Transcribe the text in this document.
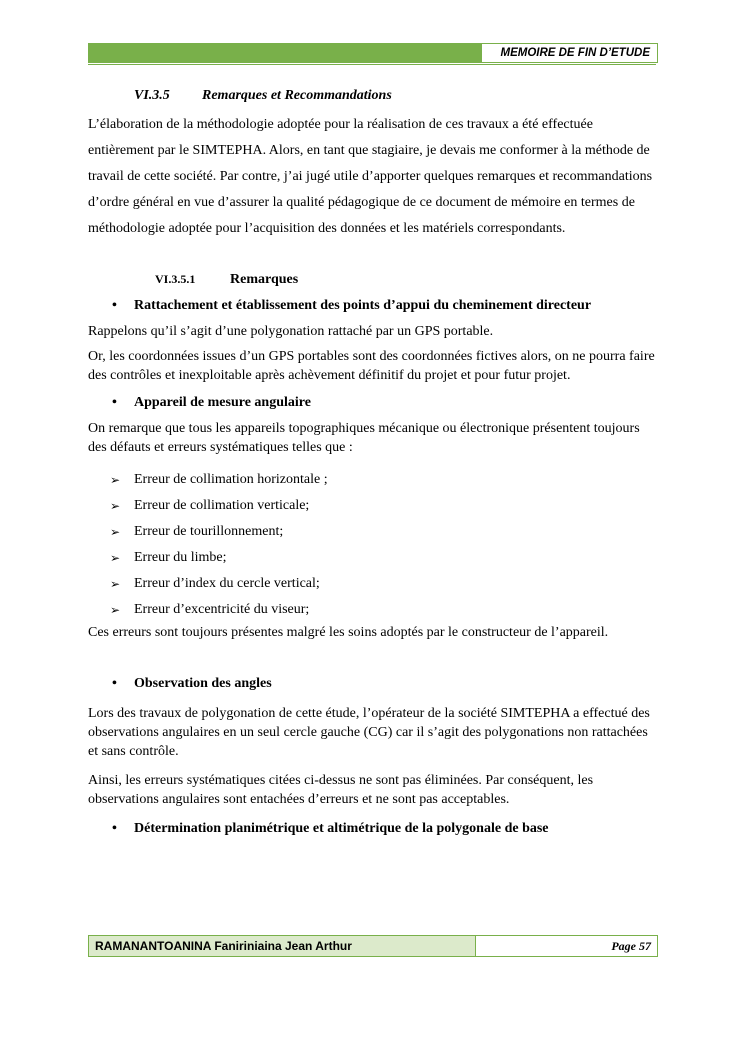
MEMOIRE DE FIN D’ETUDE
VI.3.5 Remarques et Recommandations

L’élaboration de la méthodologie adoptée pour la réalisation de ces travaux a été effectuée entièrement par le SIMTEPHA. Alors, en tant que stagiaire, je devais me conformer à la méthode de travail de cette société. Par contre, j’ai jugé utile d’apporter quelques remarques et recommandations d’ordre général en vue d’assurer la qualité pédagogique de ce document de mémoire en termes de méthodologie adoptée pour l’acquisition des données et les matériels correspondants.

VI.3.5.1 Remarques
• Rattachement et établissement des points d’appui du cheminement directeur

Rappelons qu’il s’agit d’une polygonation rattaché par un GPS portable.

Or, les coordonnées issues d’un GPS portables sont des coordonnées fictives alors, on ne pourra faire des contrôles et inexploitable après achèvement définitif du projet et pour futur projet.

• Appareil de mesure angulaire

On remarque que tous les appareils topographiques mécanique ou électronique présentent toujours des défauts et erreurs systématiques telles que :

➢ Erreur de collimation horizontale ;
➢ Erreur de collimation verticale;
➢ Erreur de tourillonnement;
➢ Erreur du limbe;
➢ Erreur d’index du cercle vertical;
➢ Erreur d’excentricité du viseur;

Ces erreurs sont toujours présentes malgré les soins adoptés par le constructeur de l’appareil.

• Observation des angles

Lors des travaux de polygonation de cette étude, l’opérateur de la société SIMTEPHA a effectué des observations angulaires en un seul cercle gauche (CG) car il s’agit des polygonations non rattachées et sans contrôle.

Ainsi, les erreurs systématiques citées ci-dessus ne sont pas éliminées. Par conséquent, les observations angulaires sont entachées d’erreurs et ne sont pas acceptables.

• Détermination planimétrique et altimétrique de la polygonale de base
RAMANANTOANINA Faniriniaina Jean Arthur	Page 57
